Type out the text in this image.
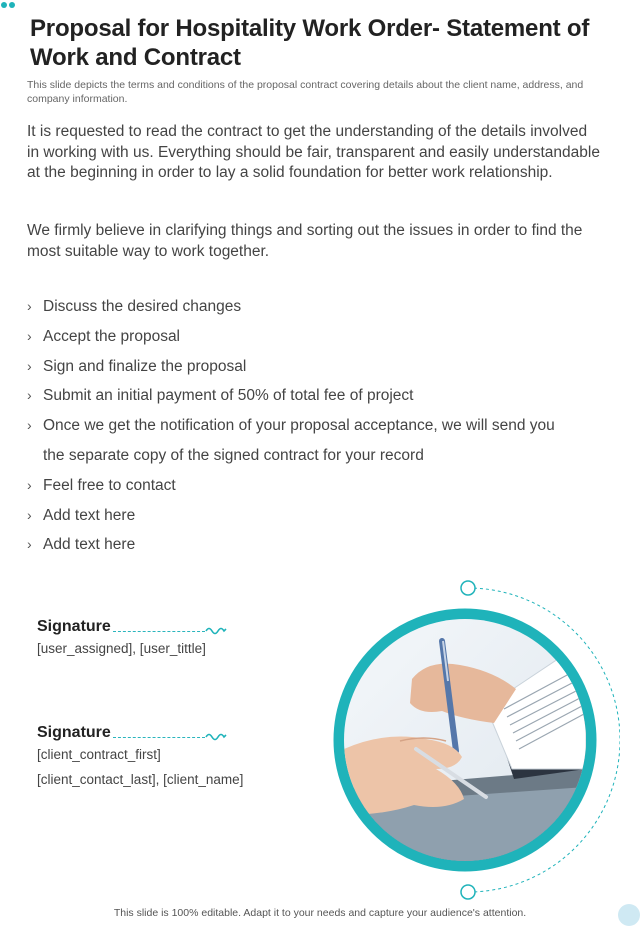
Proposal for Hospitality Work Order- Statement of Work and Contract
This slide depicts the terms and conditions of the proposal contract covering details about the client name, address, and company information.
It is requested to read the contract to get the understanding of the details involved in working with us. Everything should be fair, transparent and easily understandable at the beginning in order to lay a solid foundation for better work relationship.
We firmly believe in clarifying things and sorting out the issues in order to find the most suitable way to work together.
› Discuss the desired changes
› Accept the proposal
› Sign and finalize the proposal
› Submit an initial payment of 50% of total fee of project
› Once we get the notification of your proposal acceptance, we will send you
the separate copy of the signed contract for your record
› Feel free to contact
› Add text here
› Add text here
Signature
[user_assigned], [user_tittle]
Signature
[client_contract_first]
[client_contact_last], [client_name]
This slide is 100% editable. Adapt it to your needs and capture your audience's attention.
